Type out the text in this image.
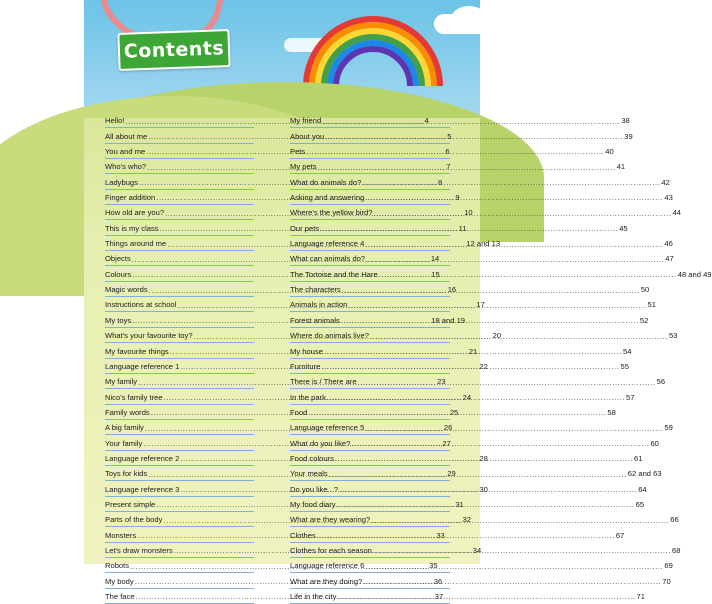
Contents
Hello! .....	4
All about me .....	5
You and me .....	6
Who's who? .....	7
Ladybugs .....	8
Finger addition .....	9
How old are you? .....	10
This is my class .....	11
Things around me .....	12 and 13
Objects .....	14
Colours .....	15
Magic words .....	16
Instructions at school .....	17
My toys .....	18 and 19
What's your favourite toy? .....	20
My favourite things .....	21
Language reference 1 .....	22
My family .....	23
Nico's family tree .....	24
Family words .....	25
A big family .....	26
Your family .....	27
Language reference 2 .....	28
Toys for kids .....	29
Language reference 3 .....	30
Present simple .....	31
Parts of the body .....	32
Monsters .....	33
Let's draw monsters .....	34
Robots .....	35
My body .....	36
The face .....	37
My friend .....	38
About you .....	39
Pets .....	40
My pets .....	41
What do animals do? .....	42
Asking and answering .....	43
Where's the yellow bird? .....	44
Our pets .....	45
Language reference 4 .....	46
What can animals do? .....	47
The Tortoise and the Hare .....	48 and 49
The characters .....	50
Animals in action .....	51
Forest animals .....	52
Where do animals live? .....	53
My house .....	54
Furniture .....	55
There is / There are .....	56
In the park .....	57
Food .....	58
Language reference 5 .....	59
What do you like? .....	60
Food colours .....	61
Your meals .....	62 and 63
Do you like...? .....	64
My food diary .....	65
What are they wearing? .....	66
Clothes .....	67
Clothes for each season .....	68
Language reference 6 .....	69
What are they doing? .....	70
Life in the city .....	71
